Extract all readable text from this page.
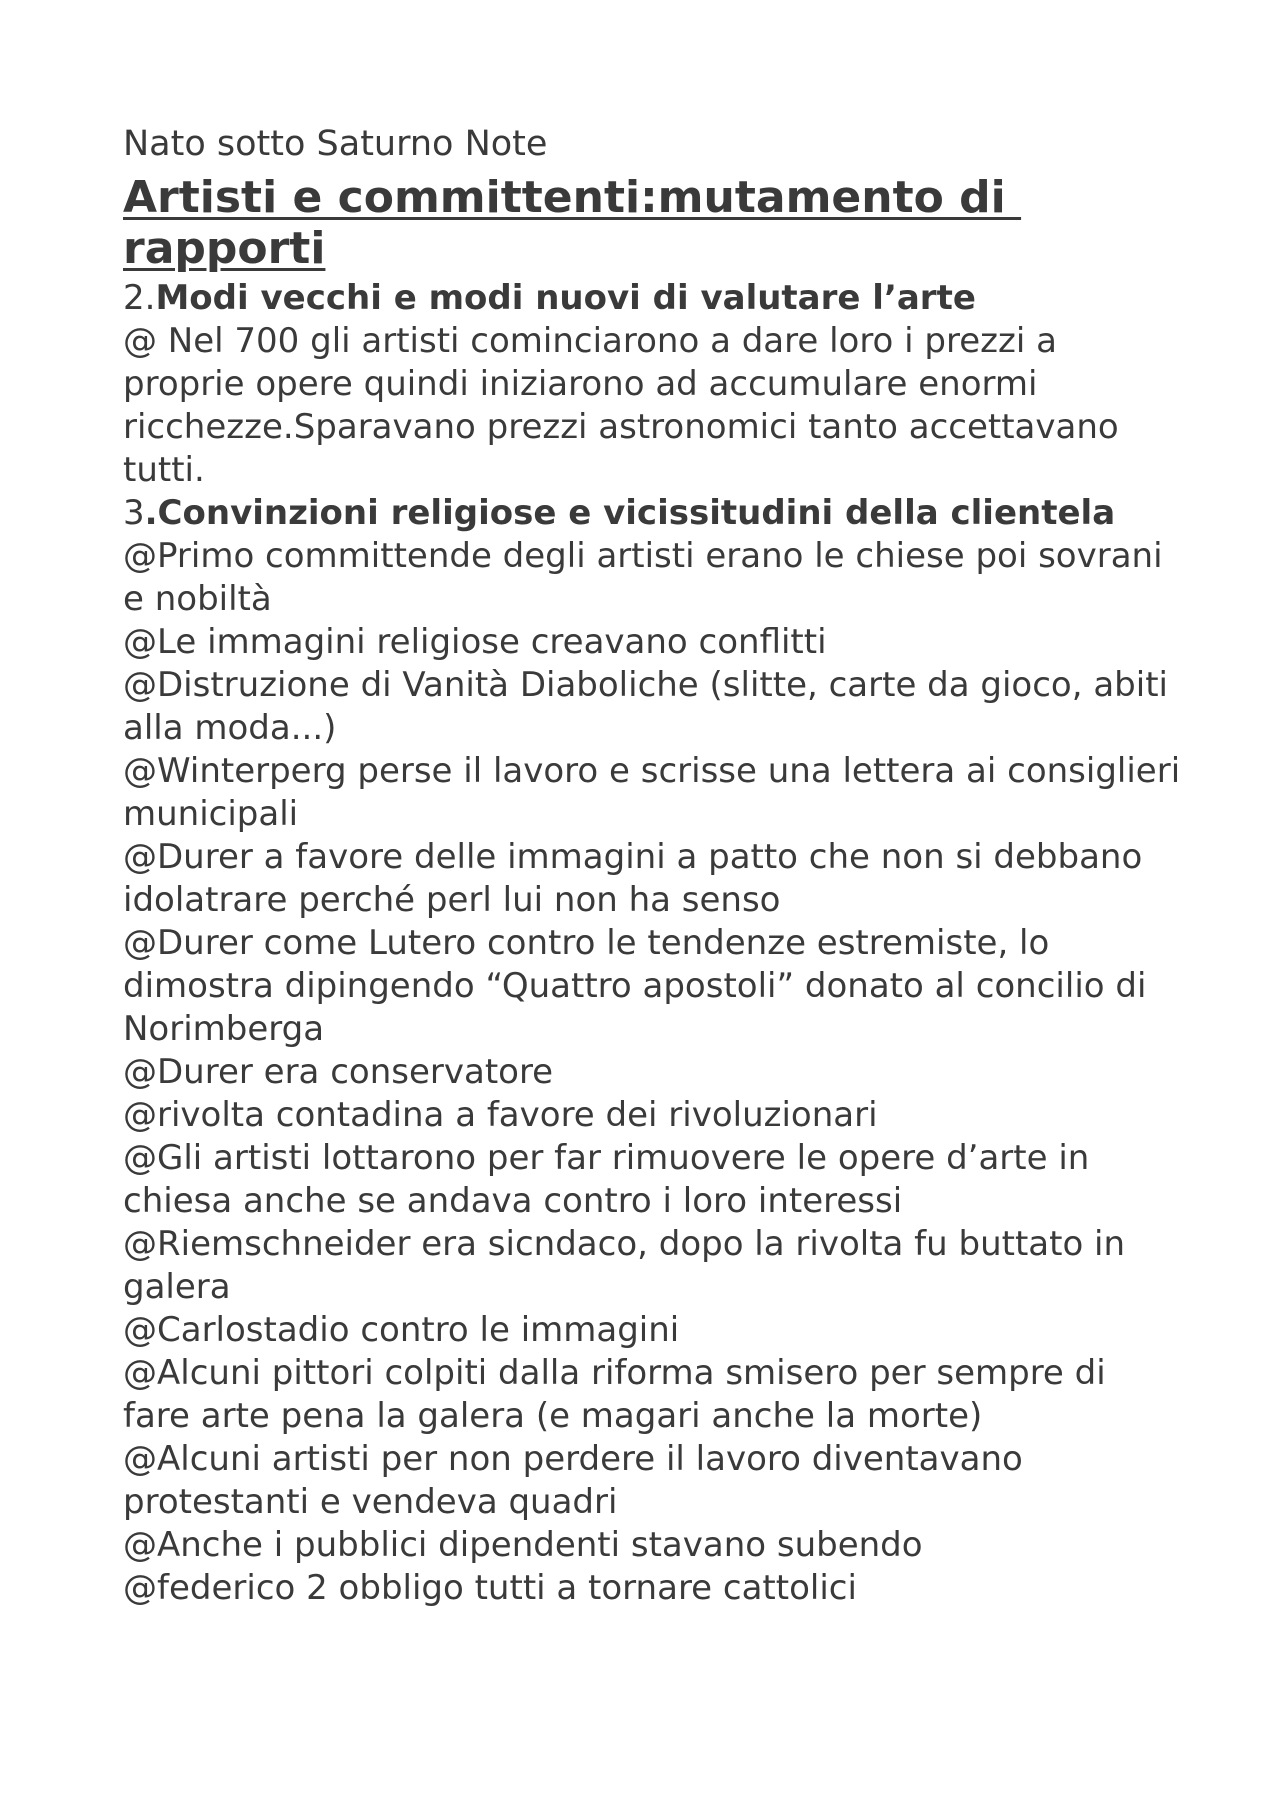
Nato sotto Saturno Note

Artisti e committenti:mutamento di
rapporti

2.Modi vecchi e modi nuovi di valutare l’arte

@ Nel 700 gli artisti cominciarono a dare loro i prezzi a proprie opere quindi iniziarono ad accumulare enormi ricchezze.Sparavano prezzi astronomici tanto accettavano tutti.

3.Convinzioni religiose e vicissitudini della clientela

@Primo committende degli artisti erano le chiese poi sovrani e nobiltà

@Le immagini religiose creavano conflitti

@Distruzione di Vanità Diaboliche (slitte, carte da gioco, abiti alla moda...)

@Winterperg perse il lavoro e scrisse una lettera ai consiglieri municipali

@Durer a favore delle immagini a patto che non si debbano idolatrare perché perl lui non ha senso

@Durer come Lutero contro le tendenze estremiste, lo dimostra dipingendo “Quattro apostoli” donato al concilio di Norimberga

@Durer era conservatore

@rivolta contadina a favore dei rivoluzionari

@Gli artisti lottarono per far rimuovere le opere d’arte in chiesa anche se andava contro i loro interessi

@Riemschneider era sicndaco, dopo la rivolta fu buttato in galera

@Carlostadio contro le immagini

@Alcuni pittori colpiti dalla riforma smisero per sempre di fare arte pena la galera (e magari anche la morte)

@Alcuni artisti per non perdere il lavoro diventavano protestanti e vendeva quadri

@Anche i pubblici dipendenti stavano subendo

@federico 2 obbligo tutti a tornare cattolici
